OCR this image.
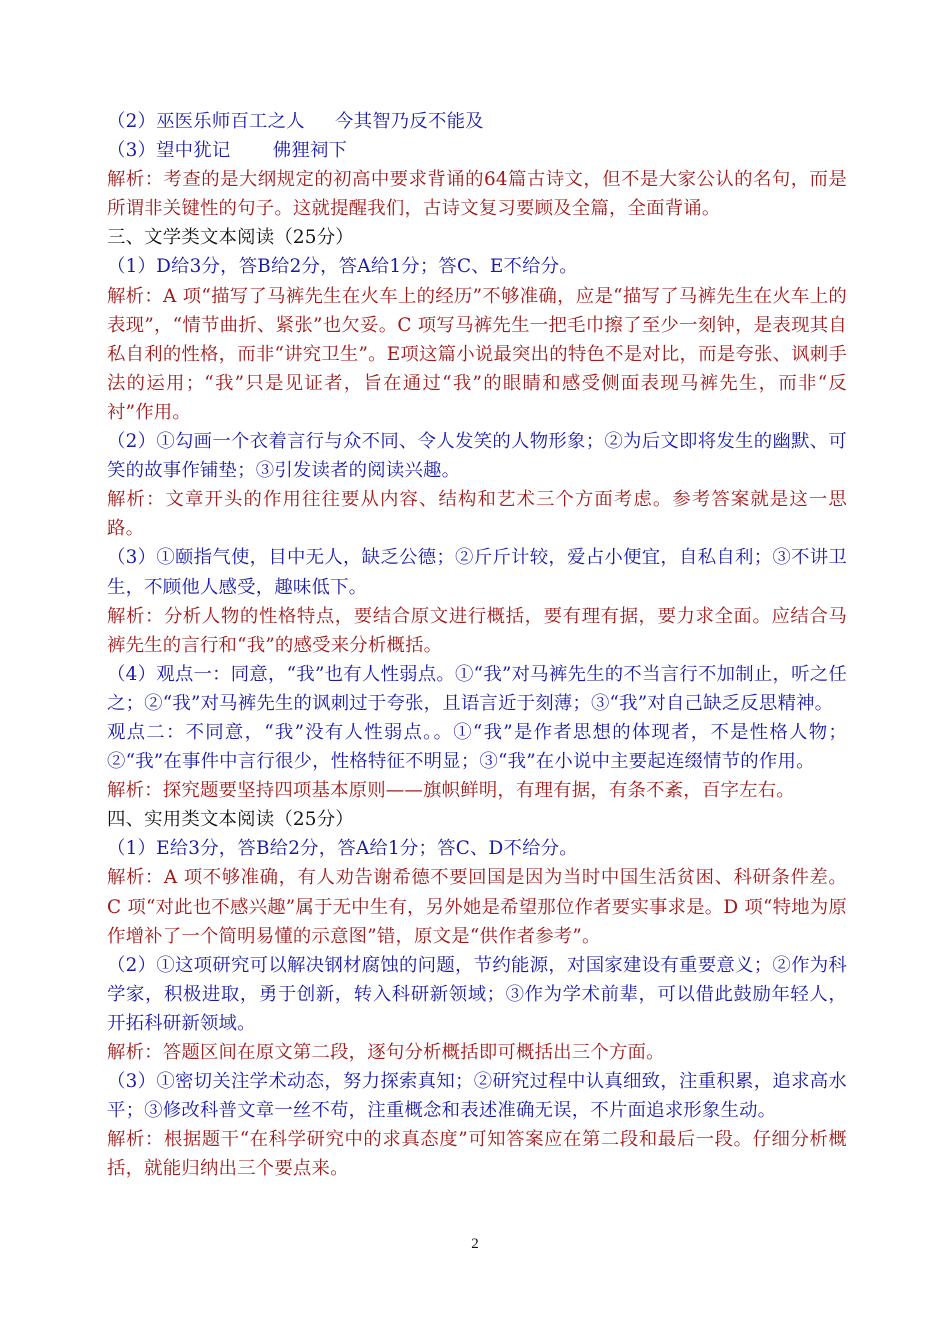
（2）巫医乐师百工之人     今其智乃反不能及

（3）望中犹记       佛狸祠下

解析：考查的是大纲规定的初高中要求背诵的64篇古诗文，但不是大家公认的名句，而是所谓非关键性的句子。这就提醒我们，古诗文复习要顾及全篇，全面背诵。

三、文学类文本阅读（25分）

（1）D给3分，答B给2分，答A给1分；答C、E不给分。

解析：A 项“描写了马裤先生在火车上的经历”不够准确，应是“描写了马裤先生在火车上的表现”，“情节曲折、紧张”也欠妥。C 项写马裤先生一把毛巾擦了至少一刻钟，是表现其自私自利的性格，而非“讲究卫生”。E项这篇小说最突出的特色不是对比，而是夸张、讽刺手法的运用；“我”只是见证者，旨在通过“我”的眼睛和感受侧面表现马裤先生，而非“反衬”作用。

（2）①勾画一个衣着言行与众不同、令人发笑的人物形象；②为后文即将发生的幽默、可笑的故事作铺垫；③引发读者的阅读兴趣。

解析：文章开头的作用往往要从内容、结构和艺术三个方面考虑。参考答案就是这一思路。

（3）①颐指气使，目中无人，缺乏公德；②斤斤计较，爱占小便宜，自私自利；③不讲卫生，不顾他人感受，趣味低下。

解析：分析人物的性格特点，要结合原文进行概括，要有理有据，要力求全面。应结合马裤先生的言行和“我”的感受来分析概括。

（4）观点一：同意，“我”也有人性弱点。①“我”对马裤先生的不当言行不加制止，听之任之；②“我”对马裤先生的讽刺过于夸张，且语言近于刻薄；③“我”对自己缺乏反思精神。

观点二：不同意，“我”没有人性弱点。。①“我”是作者思想的体现者，不是性格人物；②“我”在事件中言行很少，性格特征不明显；③“我”在小说中主要起连缀情节的作用。

解析：探究题要坚持四项基本原则——旗帜鲜明，有理有据，有条不紊，百字左右。

四、实用类文本阅读（25分）

（1）E给3分，答B给2分，答A给1分；答C、D不给分。

解析：A 项不够准确，有人劝告谢希德不要回国是因为当时中国生活贫困、科研条件差。C 项“对此也不感兴趣”属于无中生有，另外她是希望那位作者要实事求是。D 项“特地为原作增补了一个简明易懂的示意图”错，原文是“供作者参考”。

（2）①这项研究可以解决钢材腐蚀的问题，节约能源，对国家建设有重要意义；②作为科学家，积极进取，勇于创新，转入科研新领域；③作为学术前辈，可以借此鼓励年轻人，开拓科研新领域。

解析：答题区间在原文第二段，逐句分析概括即可概括出三个方面。

（3）①密切关注学术动态，努力探索真知；②研究过程中认真细致，注重积累，追求高水平；③修改科普文章一丝不苟，注重概念和表述准确无误，不片面追求形象生动。

解析：根据题干“在科学研究中的求真态度”可知答案应在第二段和最后一段。仔细分析概括，就能归纳出三个要点来。

2
